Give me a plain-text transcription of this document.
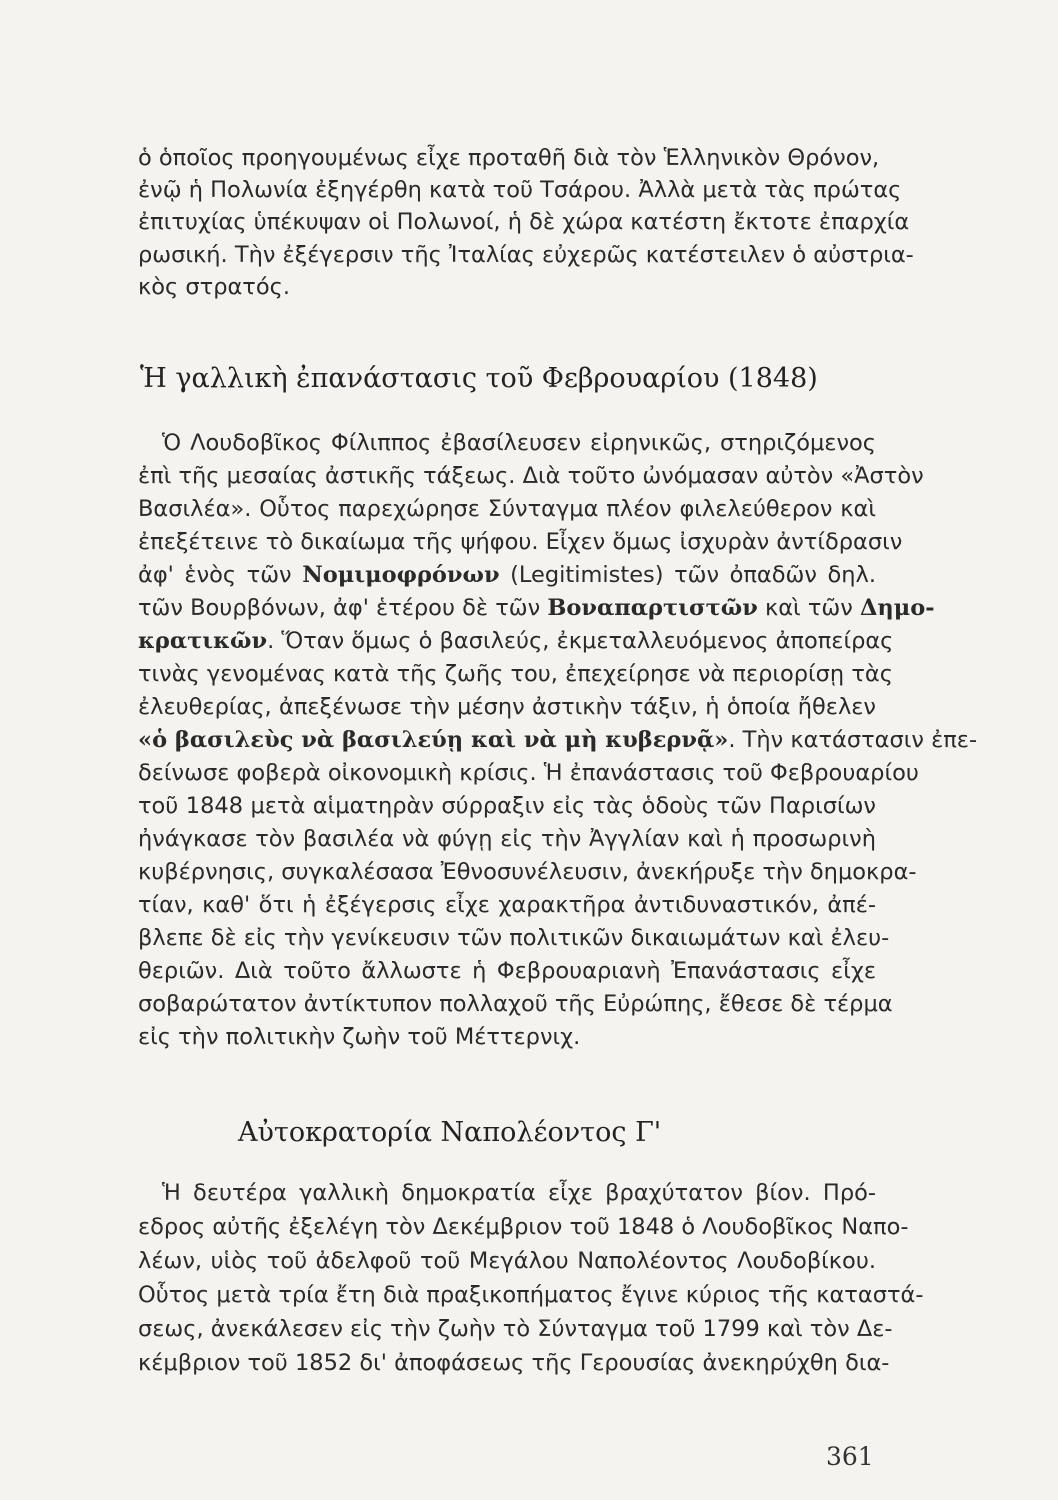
ὁ ὁποῖος προηγουμένως εἶχε προταθῆ διὰ τὸν Ἑλληνικὸν Θρόνον,
ἐνῷ ἡ Πολωνία ἐξηγέρθη κατὰ τοῦ Τσάρου. Ἀλλὰ μετὰ τὰς πρώτας
ἐπιτυχίας ὑπέκυψαν οἱ Πολωνοί, ἡ δὲ χώρα κατέστη ἔκτοτε ἐπαρχία
ρωσική. Τὴν ἐξέγερσιν τῆς Ἰταλίας εὐχερῶς κατέστειλεν ὁ αὐστρια-
κὸς στρατός.
Ἡ γαλλικὴ ἐπανάστασις τοῦ Φεβρουαρίου (1848)
Ὁ Λουδοβῖκος Φίλιππος ἐβασίλευσεν εἰρηνικῶς, στηριζόμενος
ἐπὶ τῆς μεσαίας ἀστικῆς τάξεως. Διὰ τοῦτο ὠνόμασαν αὐτὸν «Ἀστὸν
Βασιλέα». Οὗτος παρεχώρησε Σύνταγμα πλέον φιλελεύθερον καὶ
ἐπεξέτεινε τὸ δικαίωμα τῆς ψήφου. Εἶχεν ὅμως ἰσχυρὰν ἀντίδρασιν
ἀφ' ἑνὸς τῶν Νομιμοφρόνων (Legitimistes) τῶν ὀπαδῶν δηλ.
τῶν Βουρβόνων, ἀφ' ἑτέρου δὲ τῶν Βοναπαρτιστῶν καὶ τῶν Δημο-
κρατικῶν. Ὅταν ὅμως ὁ βασιλεύς, ἐκμεταλλευόμενος ἀποπείρας
τινὰς γενομένας κατὰ τῆς ζωῆς του, ἐπεχείρησε νὰ περιορίσῃ τὰς
ἐλευθερίας, ἀπεξένωσε τὴν μέσην ἀστικὴν τάξιν, ἡ ὁποία ἤθελεν
«ὁ βασιλεὺς νὰ βασιλεύῃ καὶ νὰ μὴ κυβερνᾷ». Τὴν κατάστασιν ἐπε-
δείνωσε φοβερὰ οἰκονομικὴ κρίσις. Ἡ ἐπανάστασις τοῦ Φεβρουαρίου
τοῦ 1848 μετὰ αἱματηρὰν σύρραξιν εἰς τὰς ὁδοὺς τῶν Παρισίων
ἠνάγκασε τὸν βασιλέα νὰ φύγῃ εἰς τὴν Ἀγγλίαν καὶ ἡ προσωρινὴ
κυβέρνησις, συγκαλέσασα Ἐθνοσυνέλευσιν, ἀνεκήρυξε τὴν δημοκρα-
τίαν, καθ' ὅτι ἡ ἐξέγερσις εἶχε χαρακτῆρα ἀντιδυναστικόν, ἀπέ-
βλεπε δὲ εἰς τὴν γενίκευσιν τῶν πολιτικῶν δικαιωμάτων καὶ ἐλευ-
θεριῶν. Διὰ τοῦτο ἄλλωστε ἡ Φεβρουαριανὴ Ἐπανάστασις εἶχε
σοβαρώτατον ἀντίκτυπον πολλαχοῦ τῆς Εὐρώπης, ἔθεσε δὲ τέρμα
εἰς τὴν πολιτικὴν ζωὴν τοῦ Μέττερνιχ.
Αὐτοκρατορία Ναπολέοντος Γ'
Ἡ δευτέρα γαλλικὴ δημοκρατία εἶχε βραχύτατον βίον. Πρό-
εδρος αὐτῆς ἐξελέγη τὸν Δεκέμβριον τοῦ 1848 ὁ Λουδοβῖκος Ναπο-
λέων, υἱὸς τοῦ ἀδελφοῦ τοῦ Μεγάλου Ναπολέοντος Λουδοβίκου.
Οὗτος μετὰ τρία ἔτη διὰ πραξικοπήματος ἔγινε κύριος τῆς καταστά-
σεως, ἀνεκάλεσεν εἰς τὴν ζωὴν τὸ Σύνταγμα τοῦ 1799 καὶ τὸν Δε-
κέμβριον τοῦ 1852 δι' ἀποφάσεως τῆς Γερουσίας ἀνεκηρύχθη δια-
361
